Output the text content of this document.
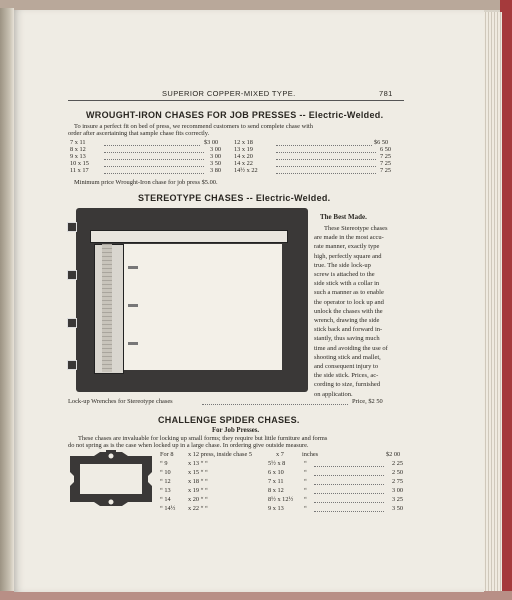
SUPERIOR COPPER-MIXED TYPE.	781
WROUGHT-IRON CHASES FOR JOB PRESSES -- Electric-Welded.
To insure a perfect fit on bed of press, we recommend customers to send complete chase with
order after ascertaining that sample chase fits correctly.
7 x 11	$3 00
8 x 12	3 00
9 x 13	3 00
10 x 15	3 50
11 x 17	3 80
12 x 18	$6 50
13 x 19	6 50
14 x 20	7 25
14 x 22	7 25
14½ x 22	7 25
Minimum price Wrought-Iron chase for job press $5.00.
STEREOTYPE CHASES -- Electric-Welded.
The Best Made.
These Stereotype chases
are made in the most accu-
rate manner, exactly type
high, perfectly square and
true. The side lock-up
screw is attached to the
side stick with a collar in
such a manner as to enable
the operator to lock up and
unlock the chases with the
wrench, drawing the side
stick back and forward in-
stantly, thus saving much
time and avoiding the use of
shooting stick and mallet,
and consequent injury to
the side stick. Prices, ac-
cording to size, furnished
on application.
Lock-up Wrenches for Stereotype chases	Price, $2 50
CHALLENGE SPIDER CHASES.
For Job Presses.
These chases are invaluable for locking up small forms; they require but little furniture and forms
do not spring as is the case when locked up in a large chase. In ordering give outside measure.
For 8 x 12 press, inside chase 5	x 7	inches	$2 00
“ 9	x 13 “ “	5½ x 8	“	2 25
“ 10	x 15 “ “	6 x 10	“	2 50
“ 12	x 18 “ “	7 x 11	“	2 75
“ 13	x 19 “ “	8 x 12	“	3 00
“ 14	x 20 “ “	8½ x 12½ “	3 25
“ 14½ x 22 “ “	9 x 13	“	3 50
